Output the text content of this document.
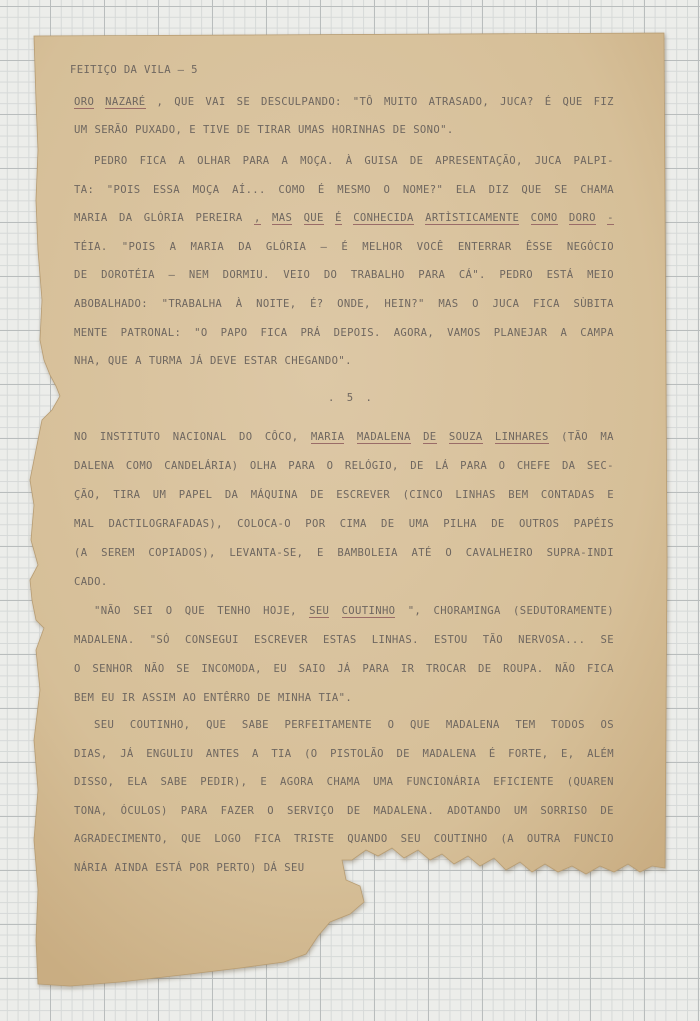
FEITIÇO DA VILA — 5
. 5 .
ORO NAZARÉ , QUE VAI SE DESCULPANDO: "TÔ MUITO ATRASADO, JUCA? É QUE FIZ
UM SERÃO PUXADO, E TIVE DE TIRAR UMAS HORINHAS DE SONO".
PEDRO FICA A OLHAR PARA A MOÇA. À GUISA DE APRESENTAÇÃO, JUCA PALPI-
TA: "POIS ESSA MOÇA AÍ... COMO É MESMO O NOME?" ELA DIZ QUE SE CHAMA
MARIA DA GLÓRIA PEREIRA , MAS QUE É CONHECIDA ARTÌSTICAMENTE COMO DORO -
TÉIA. "POIS A MARIA DA GLÓRIA — É MELHOR VOCÊ ENTERRAR ÊSSE NEGÓCIO
DE DOROTÉIA — NEM DORMIU. VEIO DO TRABALHO PARA CÁ". PEDRO ESTÁ MEIO
ABOBALHADO: "TRABALHA À NOITE, É? ONDE, HEIN?" MAS O JUCA FICA SÙBITA
MENTE PATRONAL: "O PAPO FICA PRÁ DEPOIS. AGORA, VAMOS PLANEJAR A CAMPA
NHA, QUE A TURMA JÁ DEVE ESTAR CHEGANDO".
NO INSTITUTO NACIONAL DO CÔCO, MARIA MADALENA DE SOUZA LINHARES (TÃO MA
DALENA COMO CANDELÁRIA) OLHA PARA O RELÓGIO, DE LÁ PARA O CHEFE DA SEC-
ÇÃO, TIRA UM PAPEL DA MÁQUINA DE ESCREVER (CINCO LINHAS BEM CONTADAS E
MAL DACTILOGRAFADAS), COLOCA-O POR CIMA DE UMA PILHA DE OUTROS PAPÉIS
(A SEREM COPIADOS), LEVANTA-SE, E BAMBOLEIA ATÉ O CAVALHEIRO SUPRA-INDI
CADO.
"NÃO SEI O QUE TENHO HOJE, SEU COUTINHO ", CHORAMINGA (SEDUTORAMENTE)
MADALENA. "SÓ CONSEGUI ESCREVER ESTAS LINHAS. ESTOU TÃO NERVOSA... SE
O SENHOR NÃO SE INCOMODA, EU SAIO JÁ PARA IR TROCAR DE ROUPA. NÃO FICA
BEM EU IR ASSIM AO ENTÊRRO DE MINHA TIA".
SEU COUTINHO, QUE SABE PERFEITAMENTE O QUE MADALENA TEM TODOS OS
DIAS, JÁ ENGULIU ANTES A TIA (O PISTOLÃO DE MADALENA É FORTE, E, ALÉM
DISSO, ELA SABE PEDIR), E AGORA CHAMA UMA FUNCIONÁRIA EFICIENTE (QUAREN
TONA, ÓCULOS) PARA FAZER O SERVIÇO DE MADALENA. ADOTANDO UM SORRISO DE
AGRADECIMENTO, QUE LOGO FICA TRISTE QUANDO SEU COUTINHO (A OUTRA FUNCIO
NÁRIA AINDA ESTÁ POR PERTO) DÁ SEU
